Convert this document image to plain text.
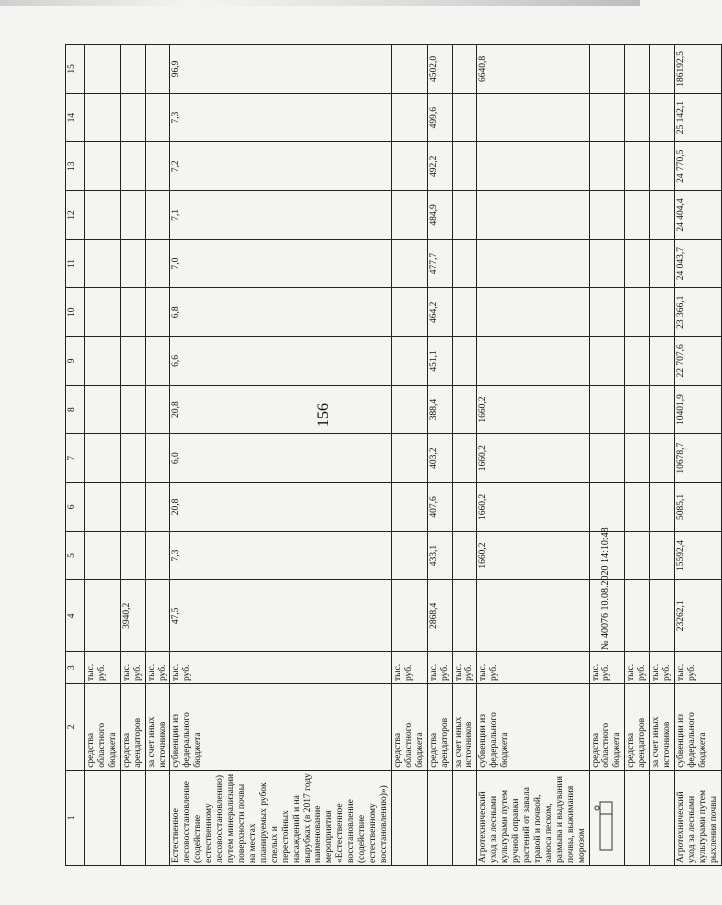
156
1	2	3	4	5	6	7	8	9	10	11	12	13	14	15
	средства областного бюджета	тыс. руб.												
	средства арендаторов	тыс. руб.	3940,2											
	за счет иных источников	тыс. руб.												
Естественное лесовосстановление (содействие естественному лесовосстановлению) путем минерализации поверхности почвы на местах планируемых рубок спелых и перестойных насаждений и на вырубках (в 2017 году наименование мероприятия «Естественное восстановление (содействие естественному восстановлению)»)	субвенции из федерального бюджета	тыс. руб.	47,5	7,3	20,8	6,0	20,8	6,6	6,8	7,0	7,1	7,2	7,3	96,9
	средства областного бюджета	тыс. руб.												
	средства арендаторов	тыс. руб.	2868,4	433,1	407,6	403,2	388,4	451,1	464,2	477,7	484,9	492,2	499,6	4502,0
	за счет иных источников	тыс. руб.												
Агротехнический уход за лесными культурами путем ручной оправки растений от завала травой и почвой, заноса песком, размыва и выдувания почвы, выжимания морозом	субвенции из федерального бюджета	тыс. руб.		1660,2	1660,2	1660,2	1660,2							6640,8
	средства областного бюджета	тыс. руб.												
	средства арендаторов	тыс. руб.												
	за счет иных источников	тыс. руб.												
Агротехнический уход за лесными культурами путем рыхления почвы	субвенции из федерального бюджета	тыс. руб.	23262,1	15592,4	5085,1	10678,7	10401,9	22 707,6	23 366,1	24 043,7	24 404,4	24 770,5	25 142,1	186192,5
№ 40076 10.08.2020 14:10:48
